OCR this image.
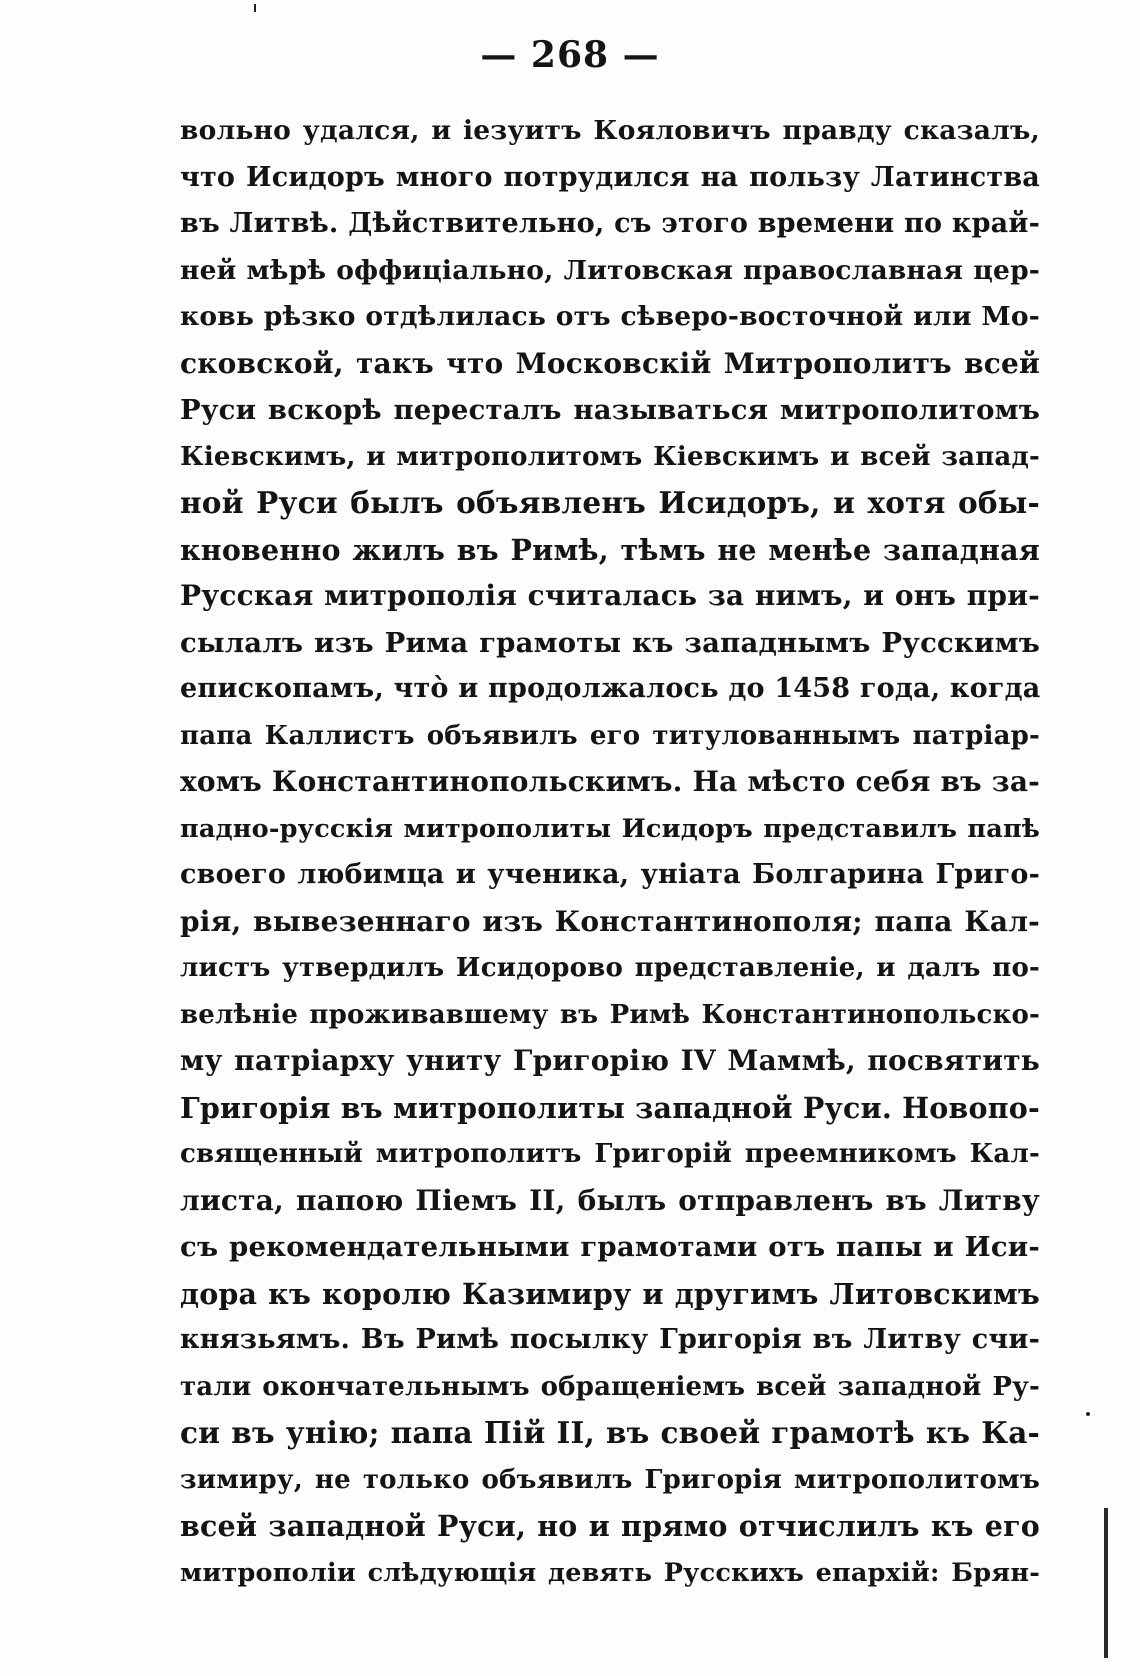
— 268 —
вольно удался, и іезуитъ Кояловичъ правду сказалъ,
что Исидоръ много потрудился на пользу Латинства
въ Литвѣ. Дѣйствительно, съ этого времени по край-
ней мѣрѣ оффиціально, Литовская православная цер-
ковь рѣзко отдѣлилась отъ сѣверо-восточной или Мо-
сковской, такъ что Московскій Митрополитъ всей
Руси вскорѣ пересталъ называться митрополитомъ
Кіевскимъ, и митрополитомъ Кіевскимъ и всей запад-
ной Руси былъ объявленъ Исидоръ, и хотя обы-
кновенно жилъ въ Римѣ, тѣмъ не менѣе западная
Русская митрополія считалась за нимъ, и онъ при-
сылалъ изъ Рима грамоты къ западнымъ Русскимъ
епископамъ, что̀ и продолжалось до 1458 года, когда
папа Каллистъ объявилъ его титулованнымъ патріар-
хомъ Константинопольскимъ. На мѣсто себя въ за-
падно-русскія митрополиты Исидоръ представилъ папѣ
своего любимца и ученика, уніата Болгарина Григо-
рія, вывезеннаго изъ Константинополя; папа Кал-
листъ утвердилъ Исидорово представленіе, и далъ по-
велѣніе проживавшему въ Римѣ Константинопольско-
му патріарху униту Григорію IV Маммѣ, посвятить
Григорія въ митрополиты западной Руси. Новопо-
священный митрополитъ Григорій преемникомъ Кал-
листа, папою Піемъ II, былъ отправленъ въ Литву
съ рекомендательными грамотами отъ папы и Иси-
дора къ королю Казимиру и другимъ Литовскимъ
князьямъ. Въ Римѣ посылку Григорія въ Литву счи-
тали окончательнымъ обращеніемъ всей западной Ру-
си въ унію; папа Пій II, въ своей грамотѣ къ Ка-
зимиру, не только объявилъ Григорія митрополитомъ
всей западной Руси, но и прямо отчислилъ къ его
митрополіи слѣдующія девять Русскихъ епархій: Брян-
